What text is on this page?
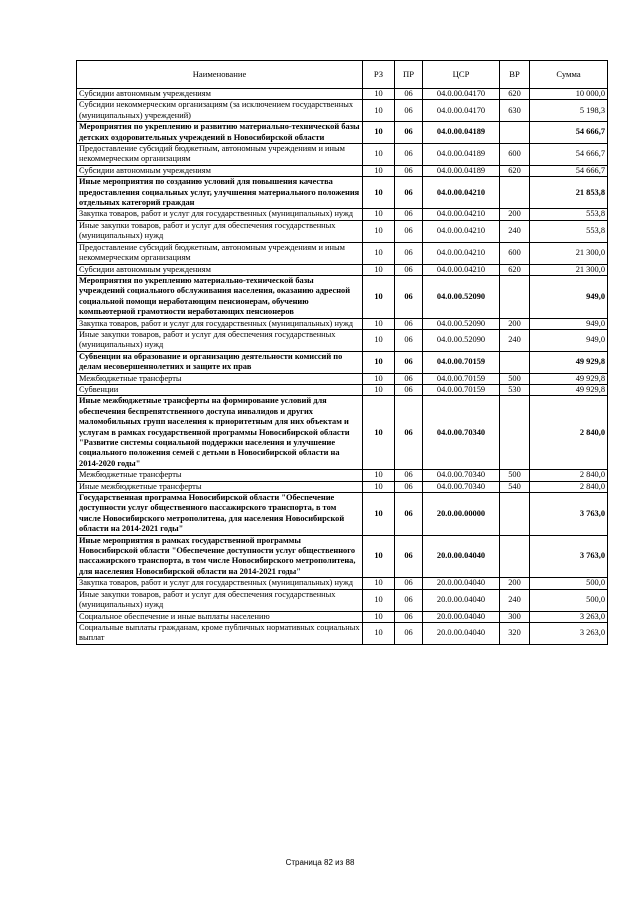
Наименование	РЗ	ПР	ЦСР	ВР	Сумма
Субсидии автономным учреждениям	10	06	04.0.00.04170	620	10 000,0
Субсидии некоммерческим организациям (за исключением государственных (муниципальных) учреждений)	10	06	04.0.00.04170	630	5 198,3
Мероприятия по укреплению и развитию материально-технической базы детских оздоровительных учреждений в Новосибирской области	10	06	04.0.00.04189		54 666,7
Предоставление субсидий бюджетным, автономным учреждениям и иным некоммерческим организациям	10	06	04.0.00.04189	600	54 666,7
Субсидии автономным учреждениям	10	06	04.0.00.04189	620	54 666,7
Иные мероприятия по созданию условий для повышения качества предоставления социальных услуг, улучшения материального положения отдельных категорий граждан	10	06	04.0.00.04210		21 853,8
Закупка товаров, работ и услуг для государственных (муниципальных) нужд	10	06	04.0.00.04210	200	553,8
Иные закупки товаров, работ и услуг для обеспечения государственных (муниципальных) нужд	10	06	04.0.00.04210	240	553,8
Предоставление субсидий бюджетным, автономным учреждениям и иным некоммерческим организациям	10	06	04.0.00.04210	600	21 300,0
Субсидии автономным учреждениям	10	06	04.0.00.04210	620	21 300,0
Мероприятия по укреплению материально-технической базы учреждений социального обслуживания населения, оказанию адресной социальной помощи неработающим пенсионерам, обучению компьютерной грамотности неработающих пенсионеров	10	06	04.0.00.52090		949,0
Закупка товаров, работ и услуг для государственных (муниципальных) нужд	10	06	04.0.00.52090	200	949,0
Иные закупки товаров, работ и услуг для обеспечения государственных (муниципальных) нужд	10	06	04.0.00.52090	240	949,0
Субвенции на образование и организацию деятельности комиссий по делам несовершеннолетних и защите их прав	10	06	04.0.00.70159		49 929,8
Межбюджетные трансферты	10	06	04.0.00.70159	500	49 929,8
Субвенции	10	06	04.0.00.70159	530	49 929,8
Иные межбюджетные трансферты на формирование условий для обеспечения беспрепятственного доступа инвалидов и других маломобильных групп населения к приоритетным для них объектам и услугам в рамках государственной программы Новосибирской области "Развитие системы социальной поддержки населения и улучшение социального положения семей с детьми в Новосибирской области на 2014-2020 годы"	10	06	04.0.00.70340		2 840,0
Межбюджетные трансферты	10	06	04.0.00.70340	500	2 840,0
Иные межбюджетные трансферты	10	06	04.0.00.70340	540	2 840,0
Государственная программа Новосибирской области "Обеспечение доступности услуг общественного пассажирского транспорта, в том числе Новосибирского метрополитена, для населения Новосибирской области на 2014-2021 годы"	10	06	20.0.00.00000		3 763,0
Иные мероприятия в рамках государственной программы Новосибирской области "Обеспечение доступности услуг общественного пассажирского транспорта, в том числе Новосибирского метрополитена, для населения Новосибирской области на 2014-2021 годы"	10	06	20.0.00.04040		3 763,0
Закупка товаров, работ и услуг для государственных (муниципальных) нужд	10	06	20.0.00.04040	200	500,0
Иные закупки товаров, работ и услуг для обеспечения государственных (муниципальных) нужд	10	06	20.0.00.04040	240	500,0
Социальное обеспечение и иные выплаты населению	10	06	20.0.00.04040	300	3 263,0
Социальные выплаты гражданам, кроме публичных нормативных социальных выплат	10	06	20.0.00.04040	320	3 263,0
Страница 82 из 88
